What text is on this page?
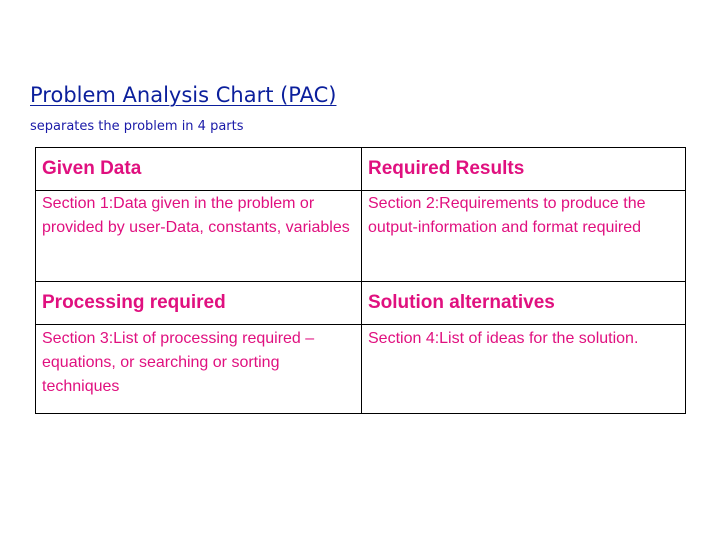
Problem Analysis Chart (PAC)

separates the problem in 4 parts

Given Data	Required Results
Section 1:Data given in the problem or provided by user-Data, constants, variables	Section 2:Requirements to produce the output-information and format required
Processing required	Solution alternatives
Section 3:List of processing required – equations, or searching or sorting techniques	Section 4:List of ideas for the solution.
